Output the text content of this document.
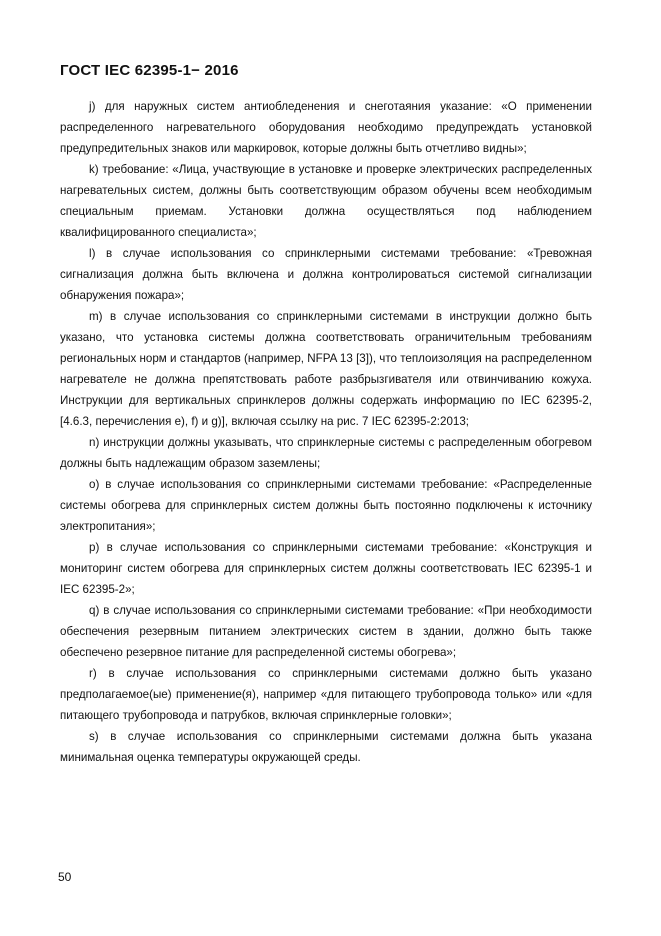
ГОСТ IEC 62395-1− 2016

j) для наружных систем антиобледенения и снеготаяния указание: «О применении распределенного нагревательного оборудования необходимо предупреждать установкой предупредительных знаков или маркировок, которые должны быть отчетливо видны»;

k) требование: «Лица, участвующие в установке и проверке электрических распределенных нагревательных систем, должны быть соответствующим образом обучены всем необходимым специальным приемам. Установки должна осуществляться под наблюдением квалифицированного специалиста»;

l) в случае использования со спринклерными системами требование: «Тревожная сигнализация должна быть включена и должна контролироваться системой сигнализации обнаружения пожара»;

m) в случае использования со спринклерными системами в инструкции должно быть указано, что установка системы должна соответствовать ограничительным требованиям региональных норм и стандартов (например, NFPA 13 [3]), что теплоизоляция на распределенном нагревателе не должна препятствовать работе разбрызгивателя или отвинчиванию кожуха. Инструкции для вертикальных спринклеров должны содержать информацию по IEC 62395-2, [4.6.3, перечисления e), f) и g)], включая ссылку на рис. 7 IEC 62395-2:2013;

n) инструкции должны указывать, что спринклерные системы с распределенным обогревом должны быть надлежащим образом заземлены;

o) в случае использования со спринклерными системами требование: «Распределенные системы обогрева для спринклерных систем должны быть постоянно подключены к источнику электропитания»;

p) в случае использования со спринклерными системами требование: «Конструкция и мониторинг систем обогрева для спринклерных систем должны соответствовать IEC 62395-1 и IEC 62395-2»;

q) в случае использования со спринклерными системами требование: «При необходимости обеспечения резервным питанием электрических систем в здании, должно быть также обеспечено резервное питание для распределенной системы обогрева»;

r) в случае использования со спринклерными системами должно быть указано предполагаемое(ые) применение(я), например «для питающего трубопровода только» или «для питающего трубопровода и патрубков, включая спринклерные головки»;

s) в случае использования со спринклерными системами должна быть указана минимальная оценка температуры окружающей среды.

50
